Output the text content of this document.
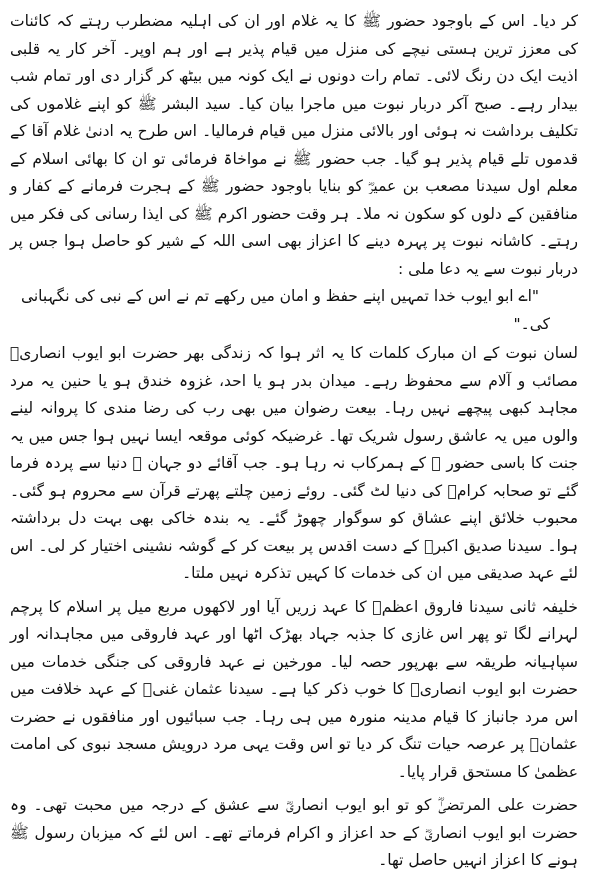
کر دیا۔ اس کے باوجود حضور ﷺ کا یہ غلام اور ان کی اہلیہ مضطرب رہتے کہ کائنات کی معزز ترین ہستی نیچے کی منزل میں قیام پذیر ہے اور ہم اوپر۔ آخر کار یہ قلبی اذیت ایک دن رنگ لائی۔ تمام رات دونوں نے ایک کونہ میں بیٹھ کر گزار دی اور تمام شب بیدار رہے۔ صبح آکر دربار نبوت میں ماجرا بیان کیا۔ سید البشر ﷺ کو اپنے غلاموں کی تکلیف برداشت نہ ہوئی اور بالائی منزل میں قیام فرمالیا۔ اس طرح یہ ادنیٰ غلام آقا کے قدموں تلے قیام پذیر ہو گیا۔ جب حضور ﷺ نے مواخاۃ فرمائی تو ان کا بھائی اسلام کے معلم اول سیدنا مصعب بن عمیرؓ کو بنایا باوجود حضور ﷺ کے ہجرت فرمانے کے کفار و منافقین کے دلوں کو سکون نہ ملا۔ ہر وقت حضور اکرم ﷺ کی ایذا رسانی کی فکر میں رہتے۔ کاشانہ نبوت پر پہرہ دینے کا اعزاز بھی اسی اللہ کے شیر کو حاصل ہوا جس پر دربار نبوت سے یہ دعا ملی :

"اے ابو ایوب خدا تمہیں اپنے حفظ و امان میں رکھے تم نے اس کے نبی کی نگہبانی کی۔"

لسان نبوت کے ان مبارک کلمات کا یہ اثر ہوا کہ زندگی بھر حضرت ابو ایوب انصاریؓ مصائب و آلام سے محفوظ رہے۔ میدان بدر ہو یا احد، غزوہ خندق ہو یا حنین یہ مرد مجاہد کبھی پیچھے نہیں رہا۔ بیعت رضوان میں بھی رب کی رضا مندی کا پروانہ لینے والوں میں یہ عاشق رسول شریک تھا۔ غرضیکہ کوئی موقعہ ایسا نہیں ہوا جس میں یہ جنت کا باسی حضور ﷺ کے ہمرکاب نہ رہا ہو۔ جب آقائے دو جہان ﷺ دنیا سے پردہ فرما گئے تو صحابہ کرامؓ کی دنیا لٹ گئی۔ روئے زمین چلتے پھرتے قرآن سے محروم ہو گئی۔ محبوب خلائق اپنے عشاق کو سوگوار چھوڑ گئے۔ یہ بندہ خاکی بھی بہت دل برداشتہ ہوا۔ سیدنا صدیق اکبرؓ کے دست اقدس پر بیعت کر کے گوشہ نشینی اختیار کر لی۔ اس لئے عہد صدیقی میں ان کی خدمات کا کہیں تذکرہ نہیں ملتا۔

خلیفہ ثانی سیدنا فاروق اعظمؓ کا عہد زریں آیا اور لاکھوں مربع میل پر اسلام کا پرچم لہرانے لگا تو پھر اس غازی کا جذبہ جہاد بھڑک اٹھا اور عہد فاروقی میں مجاہدانہ اور سپاہیانہ طریقہ سے بھرپور حصہ لیا۔ مورخین نے عہد فاروقی کی جنگی خدمات میں حضرت ابو ایوب انصاریؓ کا خوب ذکر کیا ہے۔ سیدنا عثمان غنیؓ کے عہد خلافت میں اس مرد جانباز کا قیام مدینہ منورہ میں ہی رہا۔ جب سبائیوں اور منافقوں نے حضرت عثمانؓ پر عرصہ حیات تنگ کر دیا تو اس وقت یہی مرد درویش مسجد نبوی کی امامت عظمیٰ کا مستحق قرار پایا۔

حضرت علی المرتضیٰؓ کو تو ابو ایوب انصاریؓ سے عشق کے درجہ میں محبت تھی۔ وہ حضرت ابو ایوب انصاریؓ کے حد اعزاز و اکرام فرماتے تھے۔ اس لئے کہ میزبان رسول ﷺ ہونے کا اعزاز انہیں حاصل تھا۔
